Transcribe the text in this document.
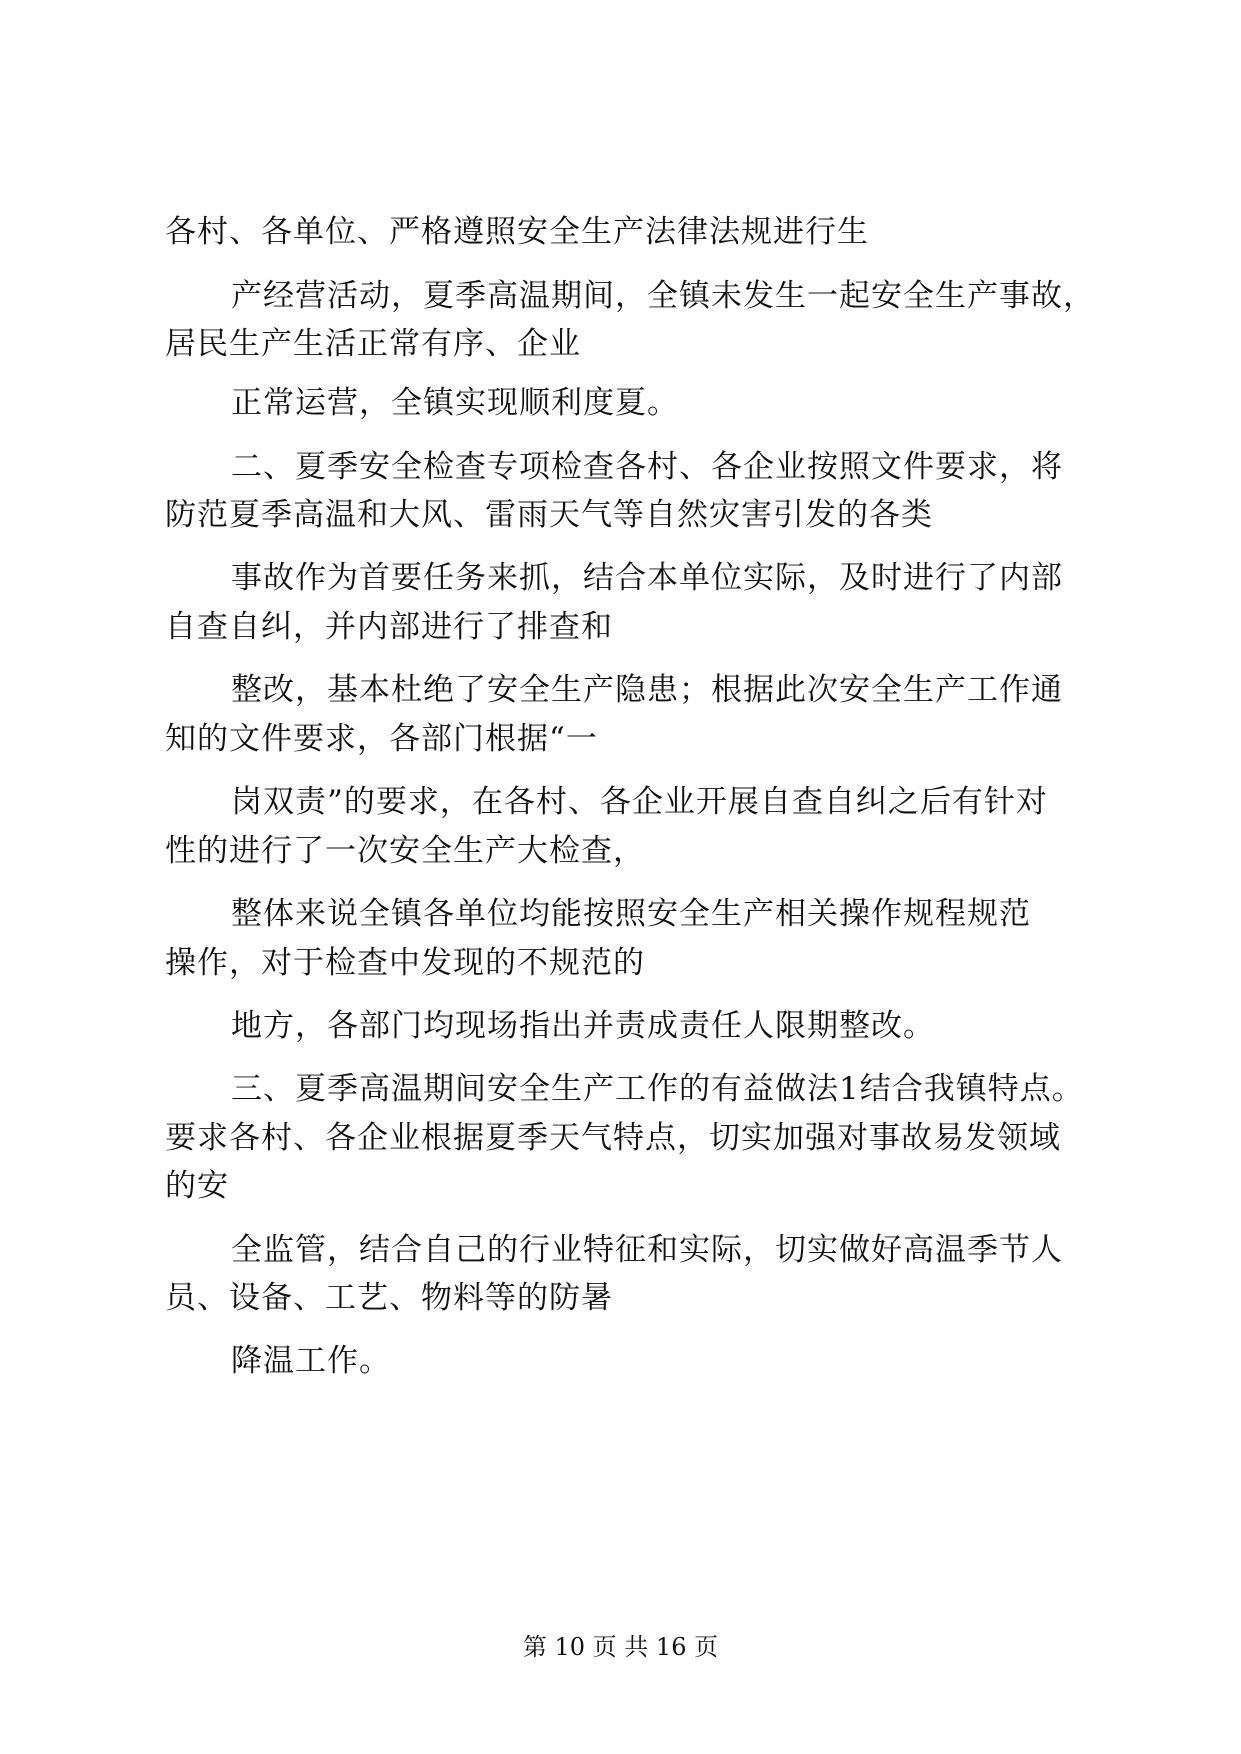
各村、各单位、严格遵照安全生产法律法规进行生
产经营活动，夏季高温期间，全镇未发生一起安全生产事故，
居民生产生活正常有序、企业
正常运营，全镇实现顺利度夏。
二、夏季安全检查专项检查各村、各企业按照文件要求，将
防范夏季高温和大风、雷雨天气等自然灾害引发的各类
事故作为首要任务来抓，结合本单位实际，及时进行了内部
自查自纠，并内部进行了排查和
整改，基本杜绝了安全生产隐患；根据此次安全生产工作通
知的文件要求，各部门根据“一
岗双责”的要求，在各村、各企业开展自查自纠之后有针对
性的进行了一次安全生产大检查，
整体来说全镇各单位均能按照安全生产相关操作规程规范
操作，对于检查中发现的不规范的
地方，各部门均现场指出并责成责任人限期整改。
三、夏季高温期间安全生产工作的有益做法1结合我镇特点。
要求各村、各企业根据夏季天气特点，切实加强对事故易发领域
的安
全监管，结合自己的行业特征和实际，切实做好高温季节人
员、设备、工艺、物料等的防暑
降温工作。
第 10 页 共 16 页
